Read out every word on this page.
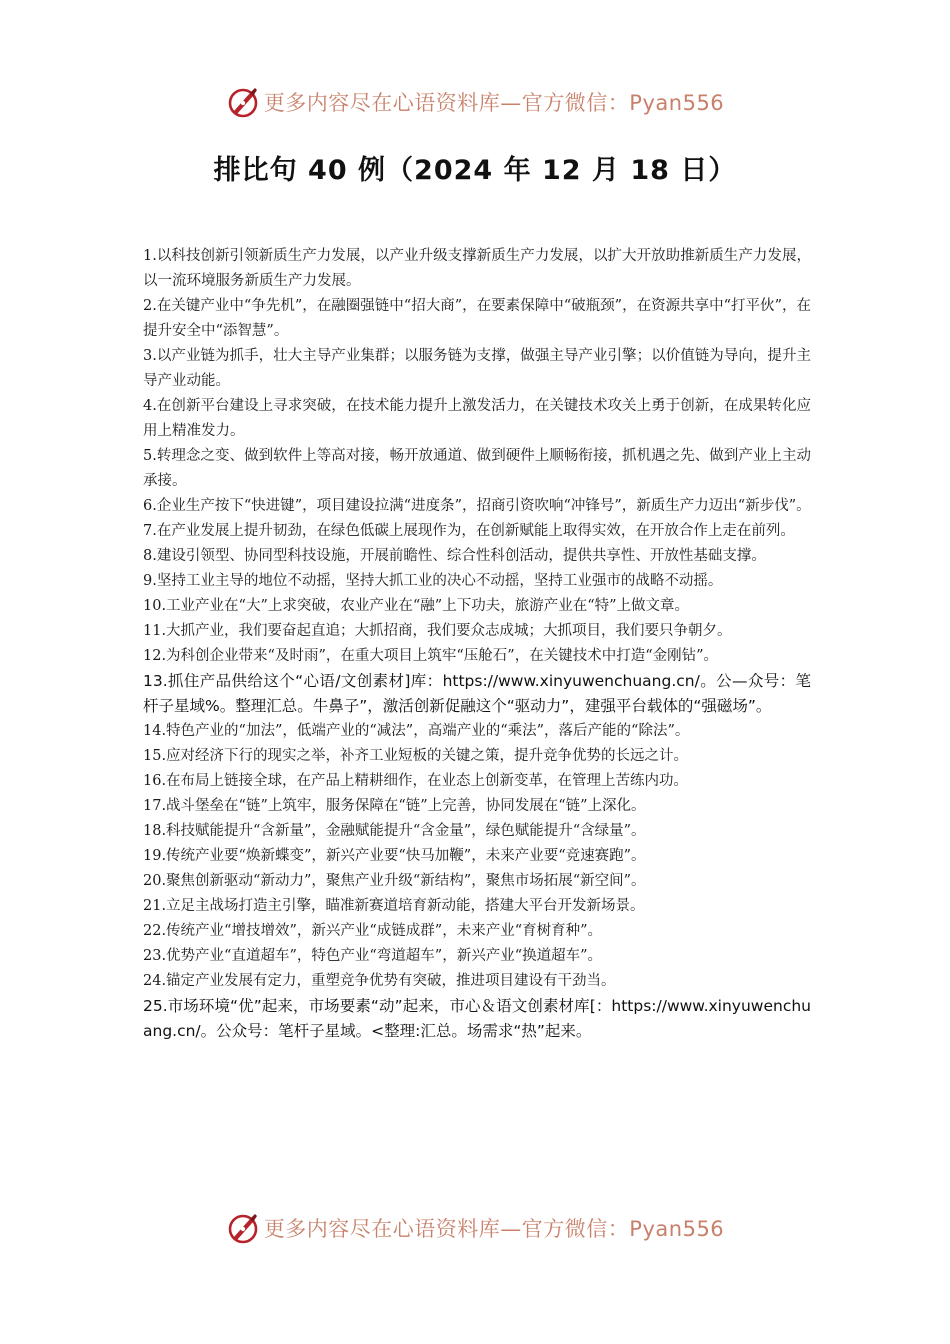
更多内容尽在心语资料库—官方微信：Pyan556
排比句 40 例（2024 年 12 月 18 日）

1.以科技创新引领新质生产力发展，以产业升级支撑新质生产力发展，以扩大开放助推新质生产力发展，以一流环境服务新质生产力发展。

2.在关键产业中“争先机”，在融圈强链中“招大商”，在要素保障中“破瓶颈”，在资源共享中“打平伙”，在提升安全中“添智慧”。

3.以产业链为抓手，壮大主导产业集群；以服务链为支撑，做强主导产业引擎；以价值链为导向，提升主导产业动能。

4.在创新平台建设上寻求突破，在技术能力提升上激发活力，在关键技术攻关上勇于创新，在成果转化应用上精准发力。

5.转理念之变、做到软件上等高对接，畅开放通道、做到硬件上顺畅衔接，抓机遇之先、做到产业上主动承接。

6.企业生产按下“快进键”，项目建设拉满“进度条”，招商引资吹响“冲锋号”，新质生产力迈出“新步伐”。

7.在产业发展上提升韧劲，在绿色低碳上展现作为，在创新赋能上取得实效，在开放合作上走在前列。

8.建设引领型、协同型科技设施，开展前瞻性、综合性科创活动，提供共享性、开放性基础支撑。

9.坚持工业主导的地位不动摇，坚持大抓工业的决心不动摇，坚持工业强市的战略不动摇。

10.工业产业在“大”上求突破，农业产业在“融”上下功夫，旅游产业在“特”上做文章。

11.大抓产业，我们要奋起直追；大抓招商，我们要众志成城；大抓项目，我们要只争朝夕。

12.为科创企业带来“及时雨”，在重大项目上筑牢“压舱石”，在关键技术中打造“金刚钻”。

13.抓住产品供给这个“心语/文创素材]库：https://www.xinyuwenchuang.cn/。公—众号：笔杆子星域%。整理汇总。牛鼻子”，激活创新促融这个“驱动力”，建强平台载体的“强磁场”。

14.特色产业的“加法”，低端产业的“减法”，高端产业的“乘法”，落后产能的“除法”。

15.应对经济下行的现实之举，补齐工业短板的关键之策，提升竞争优势的长远之计。

16.在布局上链接全球，在产品上精耕细作，在业态上创新变革，在管理上苦练内功。

17.战斗堡垒在“链”上筑牢，服务保障在“链”上完善，协同发展在“链”上深化。

18.科技赋能提升“含新量”，金融赋能提升“含金量”，绿色赋能提升“含绿量”。

19.传统产业要“焕新蝶变”，新兴产业要“快马加鞭”，未来产业要“竞速赛跑”。

20.聚焦创新驱动“新动力”，聚焦产业升级“新结构”，聚焦市场拓展“新空间”。

21.立足主战场打造主引擎，瞄准新赛道培育新动能，搭建大平台开发新场景。

22.传统产业“增技增效”，新兴产业“成链成群”，未来产业“育树育种”。

23.优势产业“直道超车”，特色产业“弯道超车”，新兴产业“换道超车”。

24.锚定产业发展有定力，重塑竞争优势有突破，推进项目建设有干劲当。

25.市场环境“优”起来，市场要素“动”起来，市心＆语文创素材库[：https://www.xinyuwenchuang.cn/。公众号：笔杆子星域。<整理:汇总。场需求“热”起来。

更多内容尽在心语资料库—官方微信：Pyan556
